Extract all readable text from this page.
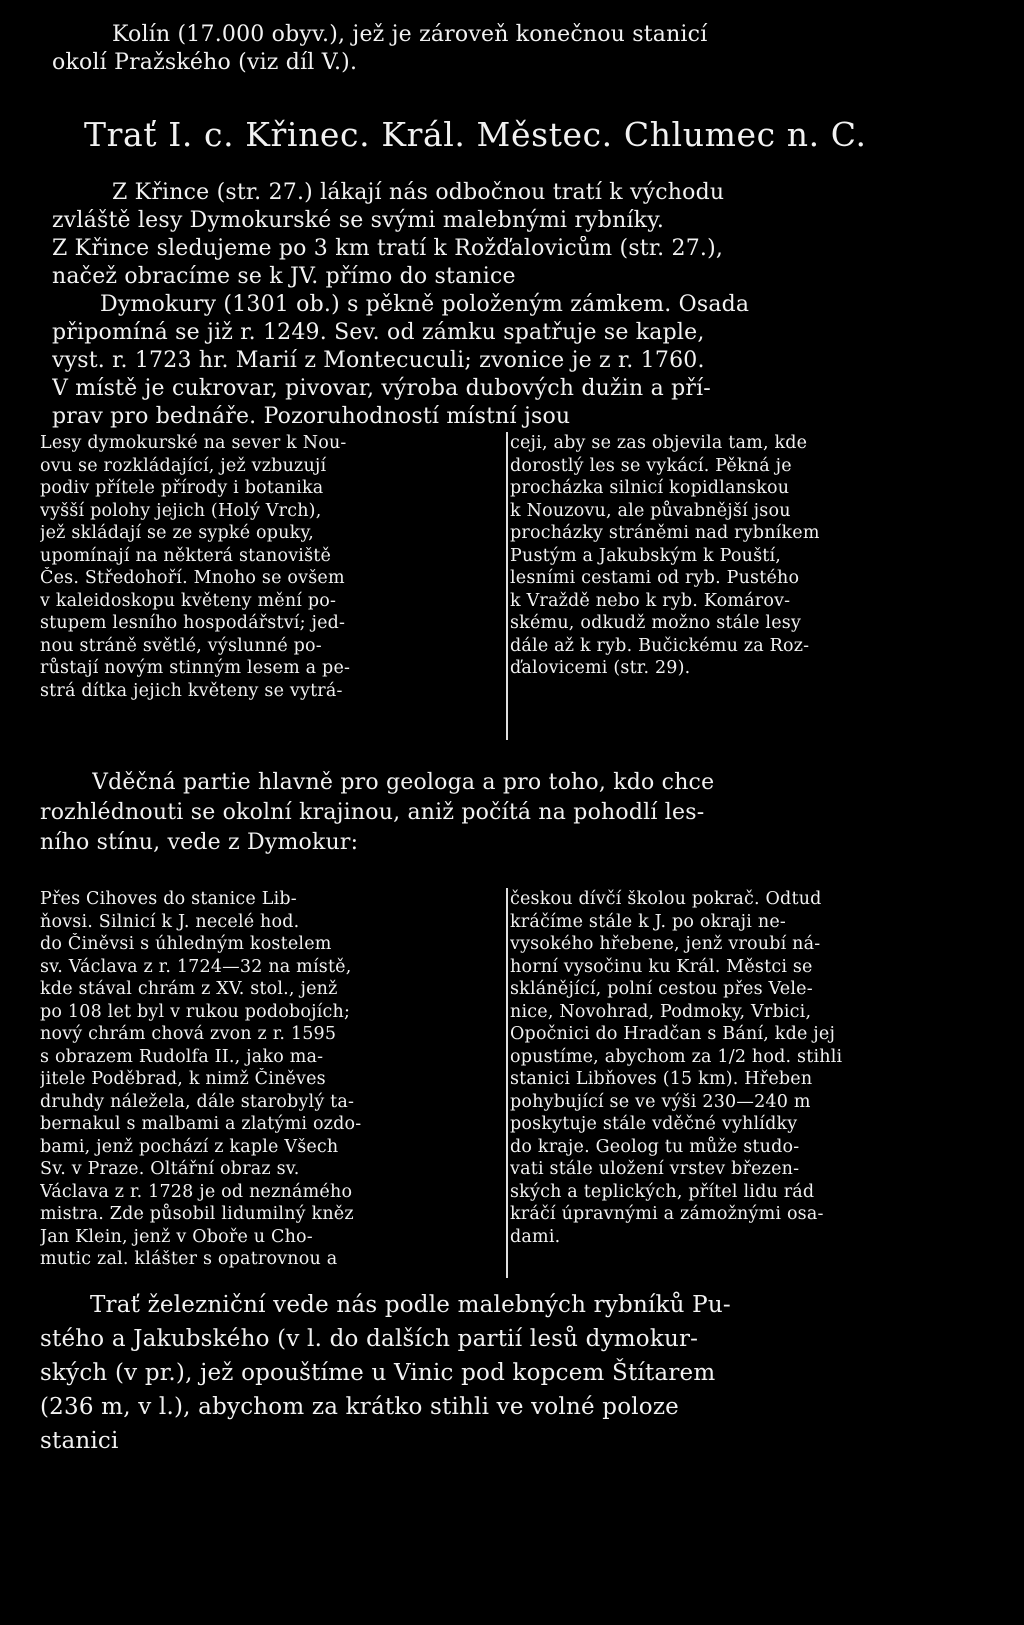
Kolín (17.000 obyv.), jež je zároveň konečnou stanicí
okolí Pražského (viz díl V.).
Trať I. c. Křinec. Král. Městec. Chlumec n. C.
Z Křince (str. 27.) lákají nás odbočnou tratí k východu
zvláště lesy Dymokurské se svými malebnými rybníky.
Z Křince sledujeme po 3 km tratí k Rožďalovicům (str. 27.),
načež obracíme se k JV. přímo do stanice
Dymokury (1301 ob.) s pěkně položeným zámkem. Osada
připomíná se již r. 1249. Sev. od zámku spatřuje se kaple,
vyst. r. 1723 hr. Marií z Montecuculi; zvonice je z r. 1760.
V místě je cukrovar, pivovar, výroba dubových dužin a pří-
prav pro bednáře. Pozoruhodností místní jsou
Lesy dymokurské na sever k Nou-
ovu se rozkládající, jež vzbuzují
podiv přítele přírody i botanika
vyšší polohy jejich (Holý Vrch),
jež skládají se ze sypké opuky,
upomínají na některá stanoviště
Čes. Středohoří. Mnoho se ovšem
v kaleidoskopu květeny mění po-
stupem lesního hospodářství; jed-
nou stráně světlé, výslunné po-
růstají novým stinným lesem a pe-
strá dítka jejich květeny se vytrá-
ceji, aby se zas objevila tam, kde
dorostlý les se vykácí. Pěkná je
procházka silnicí kopidlanskou
k Nouzovu, ale půvabnější jsou
procházky stráněmi nad rybníkem
Pustým a Jakubským k Pouští,
lesními cestami od ryb. Pustého
k Vraždě nebo k ryb. Komárov-
skému, odkudž možno stále lesy
dále až k ryb. Bučickému za Roz-
ďalovicemi (str. 29).
Vděčná partie hlavně pro geologa a pro toho, kdo chce
rozhlédnouti se okolní krajinou, aniž počítá na pohodlí les-
ního stínu, vede z Dymokur:
Přes Cihoves do stanice Lib-
ňovsi. Silnicí k J. necelé hod.
do Činěvsi s úhledným kostelem
sv. Václava z r. 1724—32 na místě,
kde stával chrám z XV. stol., jenž
po 108 let byl v rukou podobojích;
nový chrám chová zvon z r. 1595
s obrazem Rudolfa II., jako ma-
jitele Poděbrad, k nimž Činěves
druhdy náležela, dále starobylý ta-
bernakul s malbami a zlatými ozdo-
bami, jenž pochází z kaple Všech
Sv. v Praze. Oltářní obraz sv.
Václava z r. 1728 je od neznámého
mistra. Zde působil lidumilný kněz
Jan Klein, jenž v Oboře u Cho-
mutic zal. klášter s opatrovnou a
českou dívčí školou pokrač. Odtud
kráčíme stále k J. po okraji ne-
vysokého hřebene, jenž vroubí ná-
horní vysočinu ku Král. Městci se
sklánějící, polní cestou přes Vele-
nice, Novohrad, Podmoky, Vrbici,
Opočnici do Hradčan s Bání, kde jej
opustíme, abychom za 1/2 hod. stihli
stanici Libňoves (15 km). Hřeben
pohybující se ve výši 230—240 m
poskytuje stále vděčné vyhlídky
do kraje. Geolog tu může studo-
vati stále uložení vrstev březen-
ských a teplických, přítel lidu rád
kráčí úpravnými a zámožnými osa-
dami.
Trať železniční vede nás podle malebných rybníků Pu-
stého a Jakubského (v l. do dalších partií lesů dymokur-
ských (v pr.), jež opouštíme u Vinic pod kopcem Štítarem
(236 m, v l.), abychom za krátko stihli ve volné poloze
stanici
